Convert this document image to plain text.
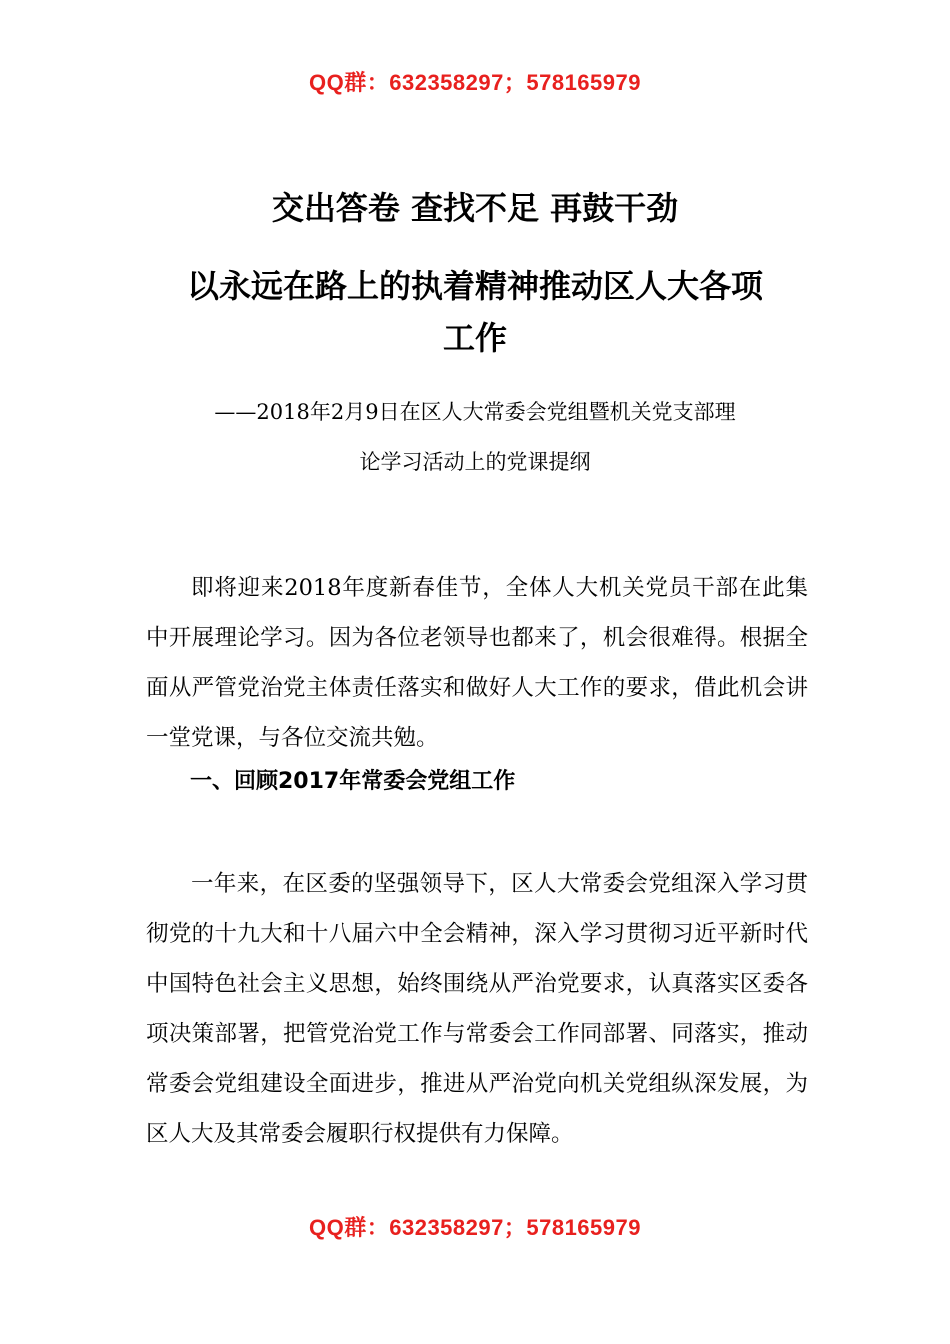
QQ群：632358297；578165979
交出答卷 查找不足 再鼓干劲
以永远在路上的执着精神推动区人大各项
工作
——2018年2月9日在区人大常委会党组暨机关党支部理
论学习活动上的党课提纲

即将迎来2018年度新春佳节，全体人大机关党员干部在此集中开展理论学习。因为各位老领导也都来了，机会很难得。根据全面从严管党治党主体责任落实和做好人大工作的要求，借此机会讲一堂党课，与各位交流共勉。

一、回顾2017年常委会党组工作

一年来，在区委的坚强领导下，区人大常委会党组深入学习贯彻党的十九大和十八届六中全会精神，深入学习贯彻习近平新时代中国特色社会主义思想，始终围绕从严治党要求，认真落实区委各项决策部署，把管党治党工作与常委会工作同部署、同落实，推动常委会党组建设全面进步，推进从严治党向机关党组纵深发展，为区人大及其常委会履职行权提供有力保障。

QQ群：632358297；578165979
